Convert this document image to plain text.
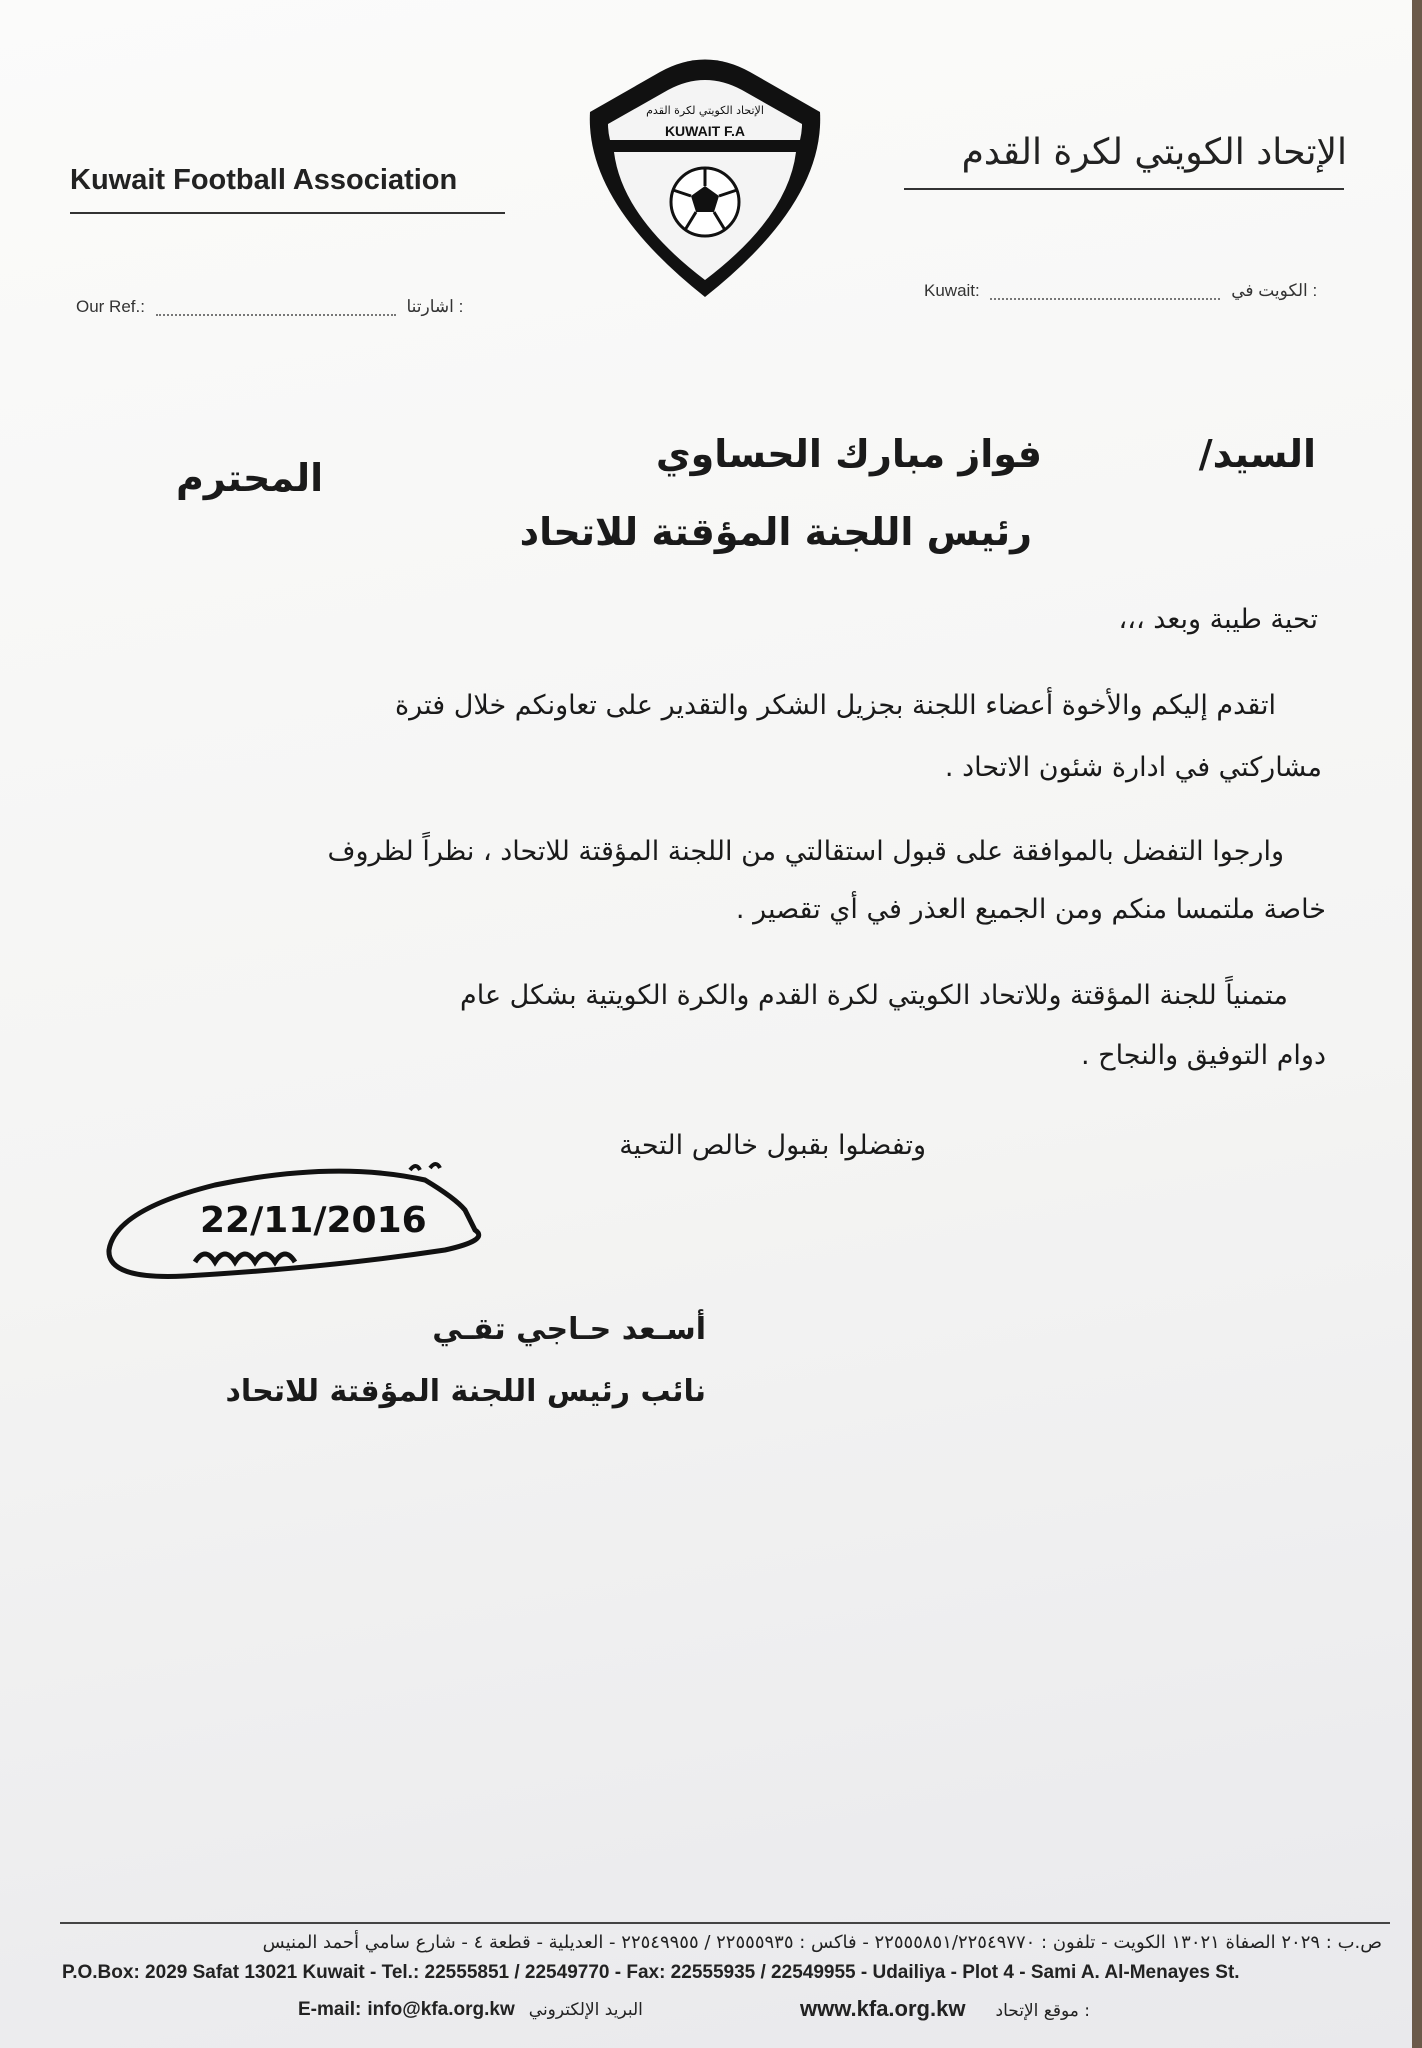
Kuwait Football Association
الإتحاد الكويتي لكرة القدم
الإتحاد الكويتي لكرة القدم
KUWAIT F.A
Our Ref.:	اشارتنا :
Kuwait:	الكويت في :
السيد/
فواز مبارك الحساوي
المحترم
رئيس اللجنة المؤقتة للاتحاد
تحية طيبة وبعد ،،،
اتقدم إليكم والأخوة أعضاء اللجنة بجزيل الشكر والتقدير على تعاونكم خلال فترة
مشاركتي في ادارة شئون الاتحاد .
وارجوا التفضل بالموافقة على قبول استقالتي من اللجنة المؤقتة للاتحاد ، نظراً لظروف
خاصة ملتمسا منكم ومن الجميع العذر في أي تقصير .
متمنياً للجنة المؤقتة وللاتحاد الكويتي لكرة القدم والكرة الكويتية بشكل عام
دوام التوفيق والنجاح .
وتفضلوا بقبول خالص التحية
22/11/2016
أسـعد حـاجي تقـي
نائب رئيس اللجنة المؤقتة للاتحاد
ص.ب : ٢٠٢٩ الصفاة ١٣٠٢١ الكويت - تلفون : ٢٢٥٥٥٨٥١/٢٢٥٤٩٧٧٠ - فاكس : ٢٢٥٥٥٩٣٥ / ٢٢٥٤٩٩٥٥ - العديلية - قطعة ٤ - شارع سامي أحمد المنيس
P.O.Box: 2029 Safat 13021 Kuwait - Tel.: 22555851 / 22549770 - Fax: 22555935 / 22549955 - Udailiya - Plot 4 - Sami A. Al-Menayes St.
E-mail: info@kfa.org.kw البريد الإلكتروني	www.kfa.org.kw موقع الإتحاد :
